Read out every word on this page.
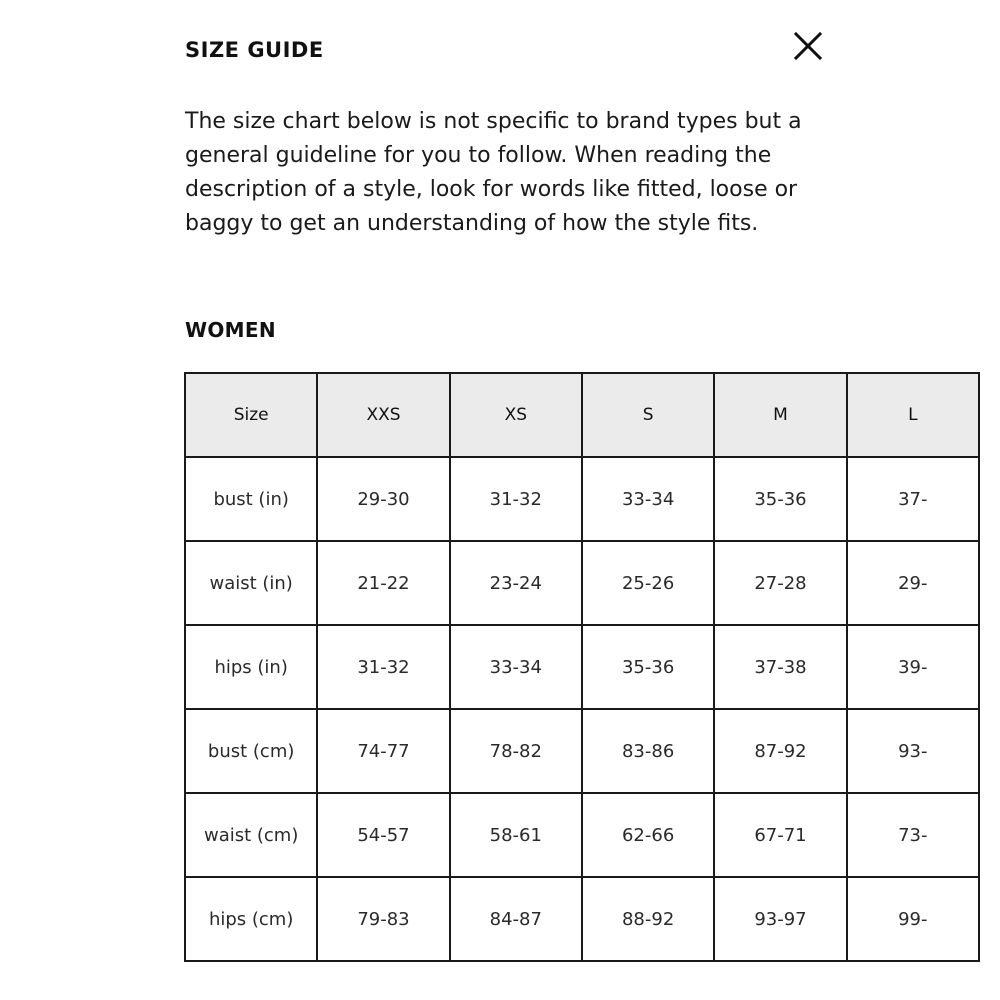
SIZE GUIDE

The size chart below is not specific to brand types but a general guideline for you to follow. When reading the description of a style, look for words like fitted, loose or baggy to get an understanding of how the style fits.

WOMEN
Size	XXS	XS	S	M	L
bust (in)	29-30	31-32	33-34	35-36	37-
waist (in)	21-22	23-24	25-26	27-28	29-
hips (in)	31-32	33-34	35-36	37-38	39-
bust (cm)	74-77	78-82	83-86	87-92	93-
waist (cm)	54-57	58-61	62-66	67-71	73-
hips (cm)	79-83	84-87	88-92	93-97	99-
